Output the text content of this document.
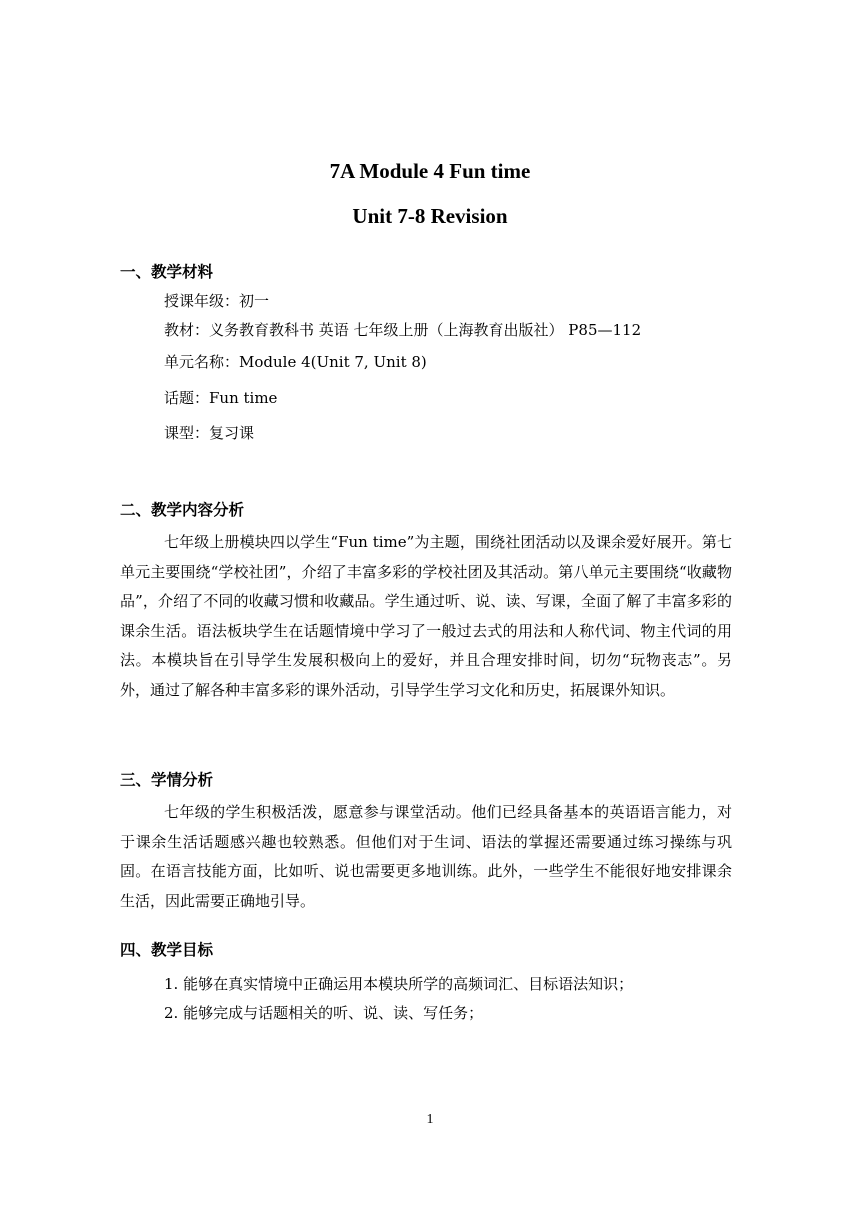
7A Module 4 Fun time
Unit 7-8 Revision
一、教学材料
授课年级：初一
教材：义务教育教科书 英语 七年级上册（上海教育出版社） P85—112
单元名称：Module 4(Unit 7, Unit 8)
话题：Fun time
课型：复习课
二、教学内容分析

七年级上册模块四以学生“Fun time”为主题，围绕社团活动以及课余爱好展开。第七单元主要围绕“学校社团”，介绍了丰富多彩的学校社团及其活动。第八单元主要围绕“收藏物品”，介绍了不同的收藏习惯和收藏品。学生通过听、说、读、写课，全面了解了丰富多彩的课余生活。语法板块学生在话题情境中学习了一般过去式的用法和人称代词、物主代词的用法。本模块旨在引导学生发展积极向上的爱好，并且合理安排时间，切勿“玩物丧志”。另外，通过了解各种丰富多彩的课外活动，引导学生学习文化和历史，拓展课外知识。

三、学情分析

七年级的学生积极活泼，愿意参与课堂活动。他们已经具备基本的英语语言能力，对于课余生活话题感兴趣也较熟悉。但他们对于生词、语法的掌握还需要通过练习操练与巩固。在语言技能方面，比如听、说也需要更多地训练。此外，一些学生不能很好地安排课余生活，因此需要正确地引导。

四、教学目标
1. 能够在真实情境中正确运用本模块所学的高频词汇、目标语法知识；
2. 能够完成与话题相关的听、说、读、写任务；
1
